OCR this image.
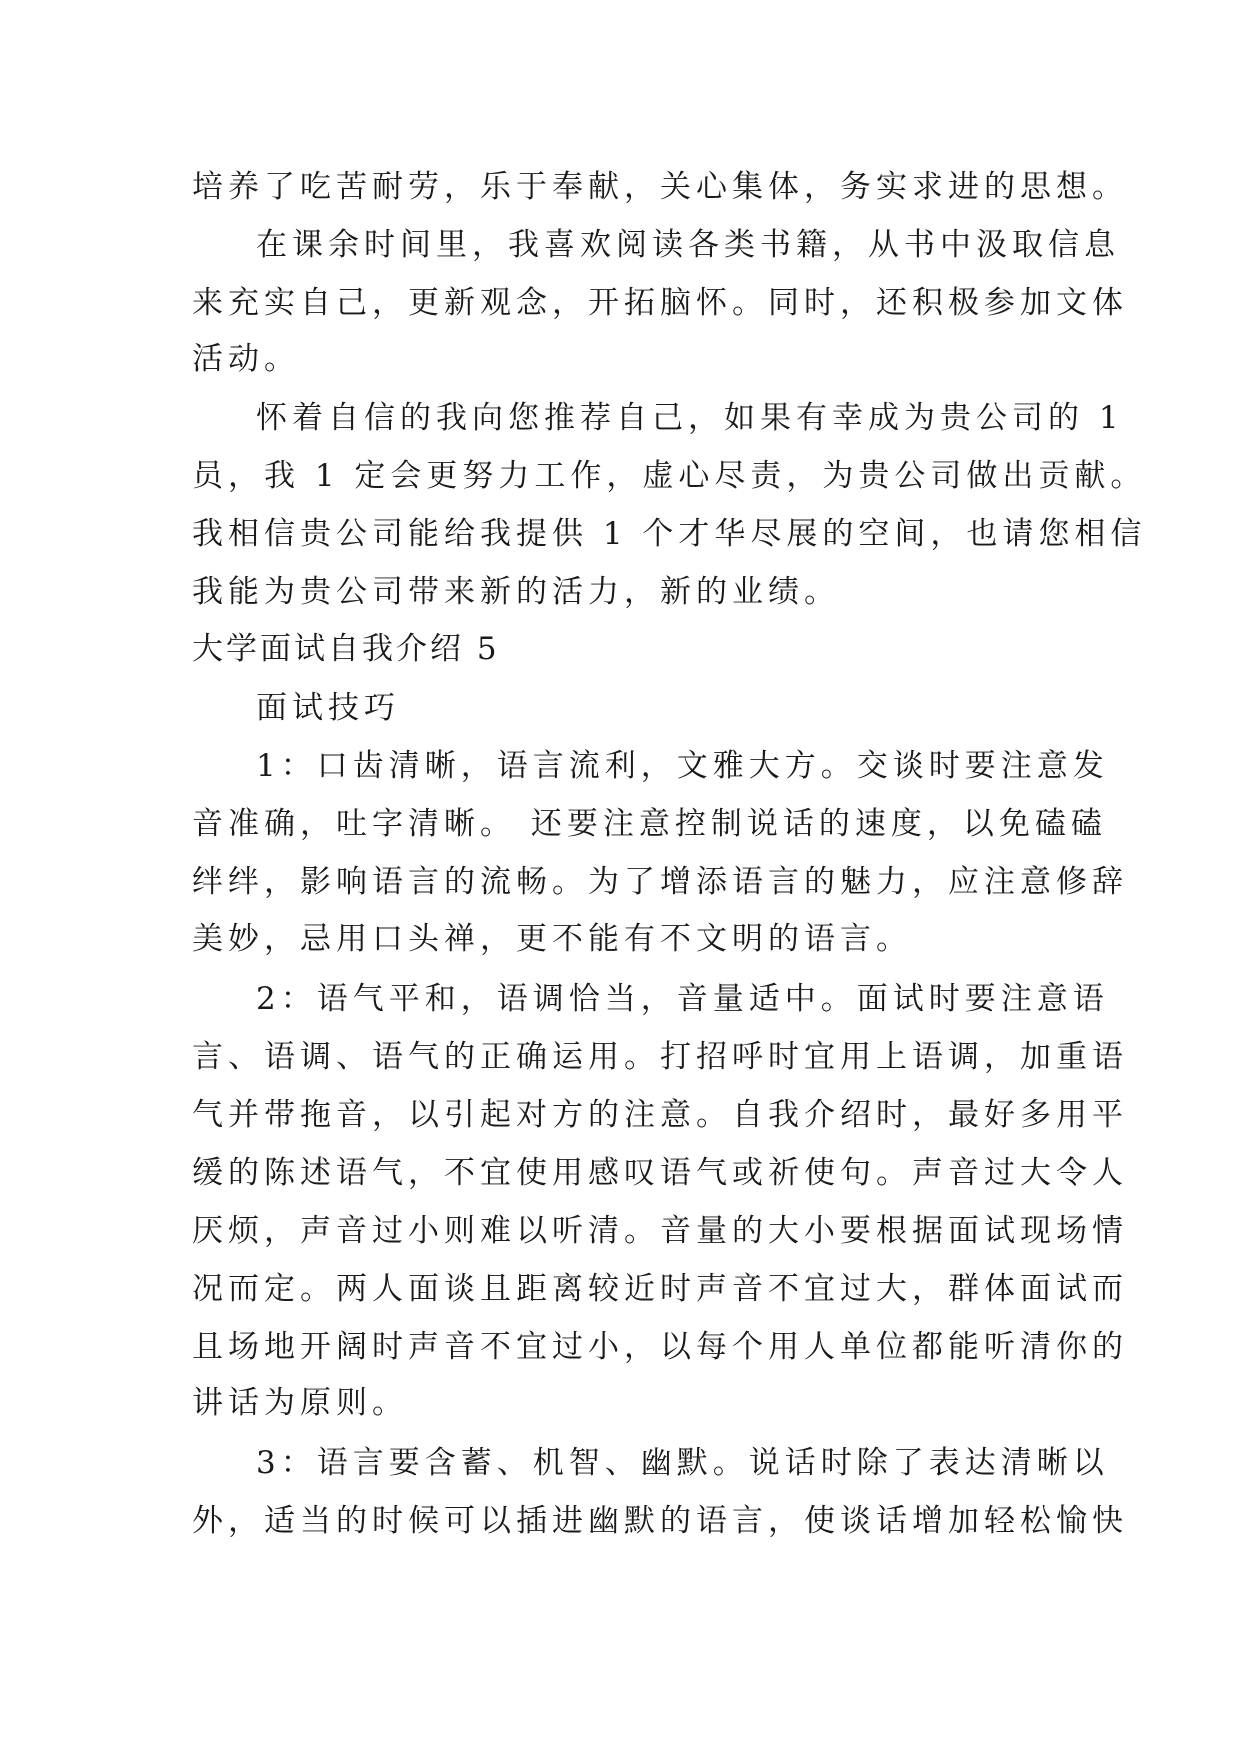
培养了吃苦耐劳，乐于奉献，关心集体，务实求进的思想。
在课余时间里，我喜欢阅读各类书籍，从书中汲取信息
来充实自己，更新观念，开拓脑怀。同时，还积极参加文体
活动。
怀着自信的我向您推荐自己，如果有幸成为贵公司的 1
员，我 1 定会更努力工作，虚心尽责，为贵公司做出贡献。
我相信贵公司能给我提供 1 个才华尽展的空间，也请您相信
我能为贵公司带来新的活力，新的业绩。
大学面试自我介绍 5
面试技巧
1：口齿清晰，语言流利，文雅大方。交谈时要注意发
音准确，吐字清晰。 还要注意控制说话的速度，以免磕磕
绊绊，影响语言的流畅。为了增添语言的魅力，应注意修辞
美妙，忌用口头禅，更不能有不文明的语言。
2：语气平和，语调恰当，音量适中。面试时要注意语
言、语调、语气的正确运用。打招呼时宜用上语调，加重语
气并带拖音，以引起对方的注意。自我介绍时，最好多用平
缓的陈述语气，不宜使用感叹语气或祈使句。声音过大令人
厌烦，声音过小则难以听清。音量的大小要根据面试现场情
况而定。两人面谈且距离较近时声音不宜过大，群体面试而
且场地开阔时声音不宜过小，以每个用人单位都能听清你的
讲话为原则。
3：语言要含蓄、机智、幽默。说话时除了表达清晰以
外，适当的时候可以插进幽默的语言，使谈话增加轻松愉快
